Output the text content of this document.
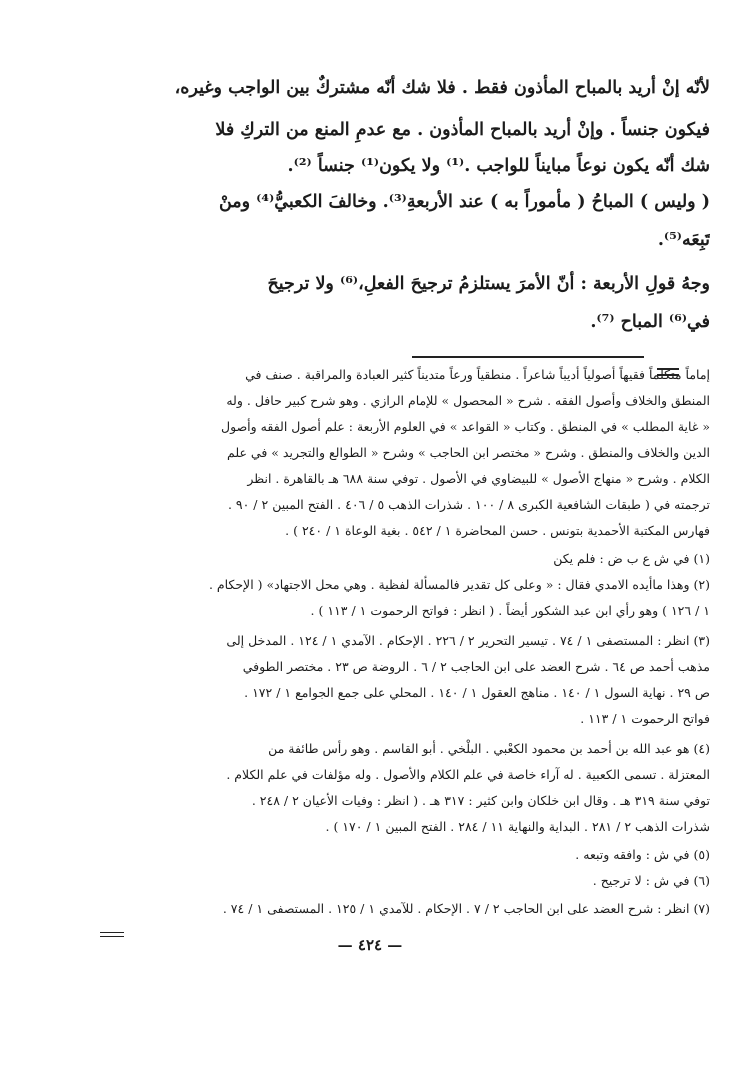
لأنّه إنْ أريد بالمباح المأذون فقط . فلا شك أنّه مشتركٌ بين الواجب وغيره،
فيكون جنساً . وإنْ أريد بالمباح المأذون . مع عدمِ المنع من التركِ فلا
شك أنّه يكون نوعاً مبايناً للواجب .⁽¹⁾ ولا يكون⁽¹⁾ جنساً ⁽²⁾.
( وليس ) المباحُ ( مأموراً به ) عند الأربعةِ⁽³⁾. وخالفَ الكعبيُّ⁽⁴⁾ ومنْ
تَبِعَه⁽⁵⁾.
وجهُ قولِ الأربعة : أنّ الأمرَ يستلزمُ ترجيحَ الفعلِ،⁽⁶⁾ ولا ترجيحَ
في⁽⁶⁾ المباح ⁽⁷⁾.
إماماً متكلماً فقيهاً أصولياً أديباً شاعراً . منطقياً ورعاً متديناً كثير العبادة والمراقبة . صنف في
المنطق والخلاف وأصول الفقه . شرح « المحصول » للإمام الرازي . وهو شرح كبير حافل . وله
« غاية المطلب » في المنطق . وكتاب « القواعد » في العلوم الأربعة : علم أصول الفقه وأصول
الدين والخلاف والمنطق . وشرح « مختصر ابن الحاجب » وشرح « الطوالع والتجريد » في علم
الكلام . وشرح « منهاج الأصول » للبيضاوي في الأصول . توفي سنة ٦٨٨ هـ بالقاهرة . انظر
ترجمته في ( طبقات الشافعية الكبرى ٨ / ١٠٠ . شذرات الذهب ٥ / ٤٠٦ . الفتح المبين ٢ / ٩٠ .
فهارس المكتبة الأحمدية بتونس . حسن المحاضرة ١ / ٥٤٢ . بغية الوعاة ١ / ٢٤٠ ) .
(١) في ش ع ب ض : فلم يكن
(٢) وهذا ماأيده الامدي فقال : « وعلى كل تقدير فالمسألة لفظية . وهي محل الاجتهاد» ( الإحكام .
١ / ١٢٦ ) وهو رأي ابن عبد الشكور أيضاً . ( انظر : فواتح الرحموت ١ / ١١٣ ) .
(٣) انظر : المستصفى ١ / ٧٤ . تيسير التحرير ٢ / ٢٢٦ . الإحكام . الآمدي ١ / ١٢٤ . المدخل إلى
مذهب أحمد ص ٦٤ . شرح العضد على ابن الحاجب ٢ / ٦ . الروضة ص ٢٣ . مختصر الطوفي
ص ٢٩ . نهاية السول ١ / ١٤٠ . مناهج العقول ١ / ١٤٠ . المحلي على جمع الجوامع ١ / ١٧٢ .
فواتح الرحموت ١ / ١١٣ .
(٤) هو عبد الله بن أحمد بن محمود الكعْبي . البلْخي . أبو القاسم . وهو رأس طائفة من
المعتزلة . تسمى الكعبية . له آراء خاصة في علم الكلام والأصول . وله مؤلفات في علم الكلام .
توفي سنة ٣١٩ هـ . وقال ابن خلكان وابن كثير : ٣١٧ هـ . ( انظر : وفيات الأعيان ٢ / ٢٤٨ .
شذرات الذهب ٢ / ٢٨١ . البداية والنهاية ١١ / ٢٨٤ . الفتح المبين ١ / ١٧٠ ) .
(٥) في ش : وافقه وتبعه .
(٦) في ش : لا ترجيح .
(٧) انظر : شرح العضد على ابن الحاجب ٢ / ٧ . الإحكام . للآمدي ١ / ١٢٥ . المستصفى ١ / ٧٤ .
— ٤٢٤ —
